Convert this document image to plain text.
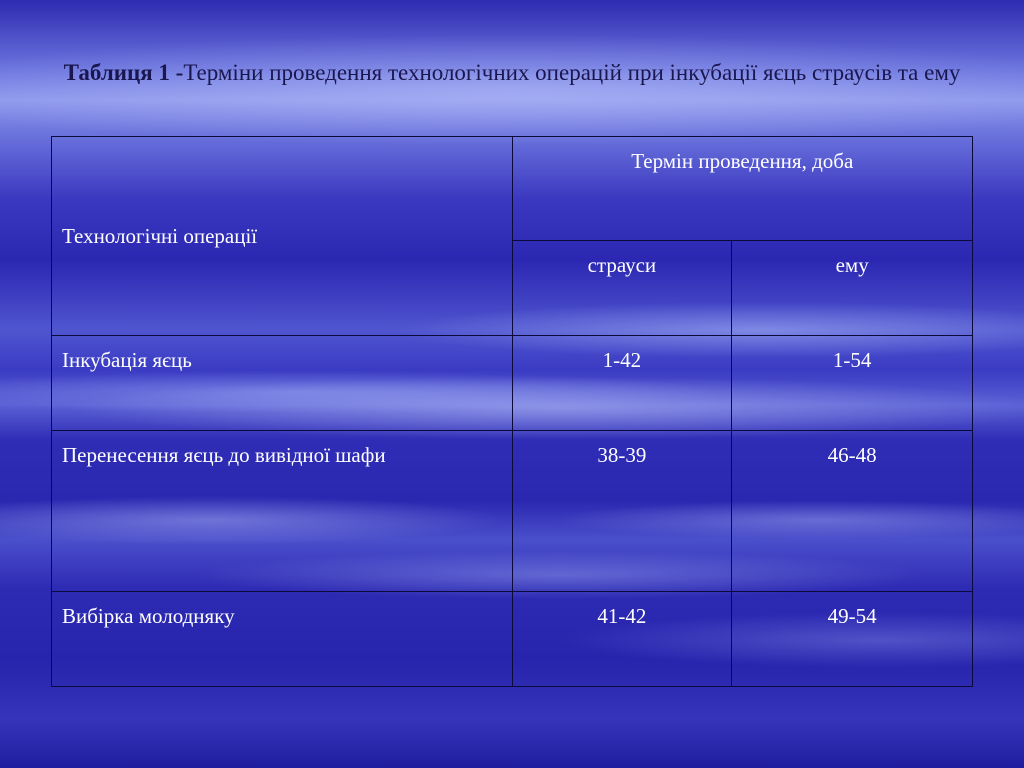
Таблиця 1 -Терміни проведення технологічних операцій при інкубації яєць страусів та ему
Технологічні операції	Термін проведення, доба	

	страуси	ему

Інкубація яєць	1-42	1-54

Перенесення яєць до вивідної шафи	38-39	46-48

Вибірка молодняку	41-42	49-54
